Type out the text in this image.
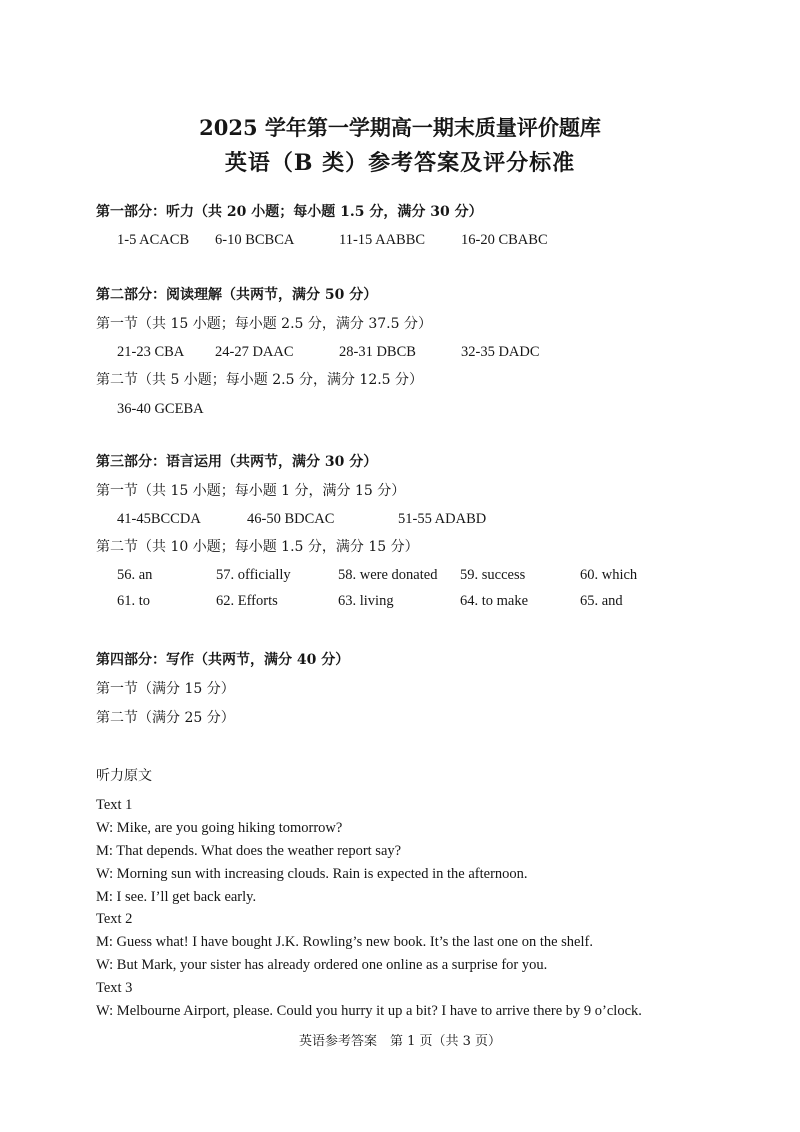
2025 学年第一学期高一期末质量评价题库
英语（B 类）参考答案及评分标准
第一部分：听力（共 20 小题；每小题 1.5 分，满分 30 分）
1-5 ACACB 6-10 BCBCA	11-15 AABBC 16-20 CBABC
第二部分：阅读理解（共两节，满分 50 分）
第一节（共 15 小题；每小题 2.5 分，满分 37.5 分）
21-23 CBA 24-27 DAAC	28-31 DBCB	32-35 DADC
第二节（共 5 小题；每小题 2.5 分，满分 12.5 分）
36-40 GCEBA
第三部分：语言运用（共两节，满分 30 分）
第一节（共 15 小题；每小题 1 分，满分 15 分）
41-45BCCDA	46-50 BDCAC	51-55 ADABD
第二节（共 10 小题；每小题 1.5 分，满分 15 分）
56. an	57. officially	58. were donated 59. success	60. which
61. to	62. Efforts	63. living	64. to make	65. and
第四部分：写作（共两节，满分 40 分）
第一节（满分 15 分）
第二节（满分 25 分）
听力原文
Text 1
W: Mike, are you going hiking tomorrow?
M: That depends. What does the weather report say?
W: Morning sun with increasing clouds. Rain is expected in the afternoon.
M: I see. I’ll get back early.
Text 2
M: Guess what! I have bought J.K. Rowling’s new book. It’s the last one on the shelf.
W: But Mark, your sister has already ordered one online as a surprise for you.
Text 3
W: Melbourne Airport, please. Could you hurry it up a bit? I have to arrive there by 9 o’clock.
英语参考答案　第 1 页（共 3 页）
